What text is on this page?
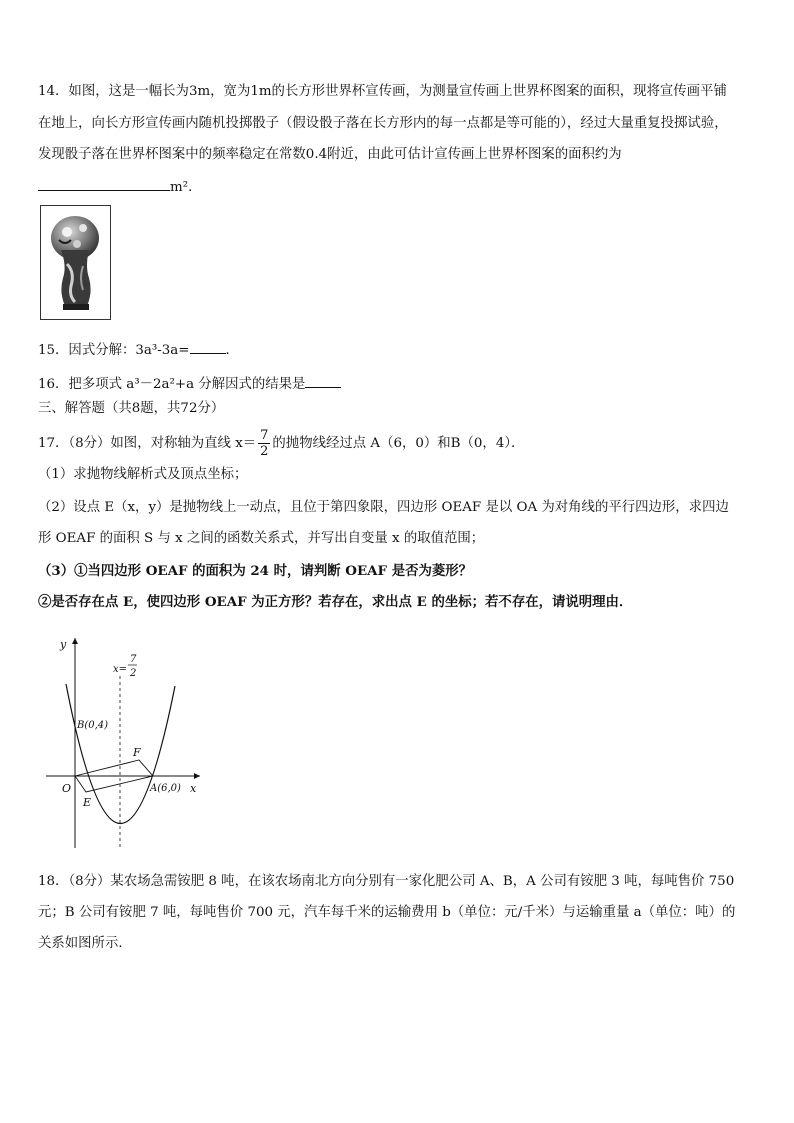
14．如图，这是一幅长为3m，宽为1m的长方形世界杯宣传画，为测量宣传画上世界杯图案的面积，现将宣传画平铺
在地上，向长方形宣传画内随机投掷骰子（假设骰子落在长方形内的每一点都是等可能的），经过大量重复投掷试验，
发现骰子落在世界杯图案中的频率稳定在常数0.4附近，由此可估计宣传画上世界杯图案的面积约为
m²．
15．因式分解：3a³-3a=	．
16．把多项式 a³－2a²+a 分解因式的结果是
三、解答题（共8题，共72分）
17．（8分）如图，对称轴为直线 $x= \frac{7}{2}$ 的抛物线经过点 A（6，0）和B（0，4）．
（1）求抛物线解析式及顶点坐标；
（2）设点 E（x，y）是抛物线上一动点，且位于第四象限，四边形 OEAF 是以 OA 为对角线的平行四边形，求四边
形 OEAF 的面积 S 与 x 之间的函数关系式，并写出自变量 x 的取值范围；
（3）①当四边形 OEAF 的面积为 24 时，请判断 OEAF 是否为菱形？
②是否存在点 E，使四边形 OEAF 为正方形？若存在，求出点 E 的坐标；若不存在，请说明理由．
y
x
O
x=
7
2
B(0,4)
A(6,0)
E
F
18．（8分）某农场急需铵肥 8 吨，在该农场南北方向分别有一家化肥公司 A、B，A 公司有铵肥 3 吨，每吨售价 750
元；B 公司有铵肥 7 吨，每吨售价 700 元，汽车每千米的运输费用 b（单位：元/千米）与运输重量 a（单位：吨）的
关系如图所示．
